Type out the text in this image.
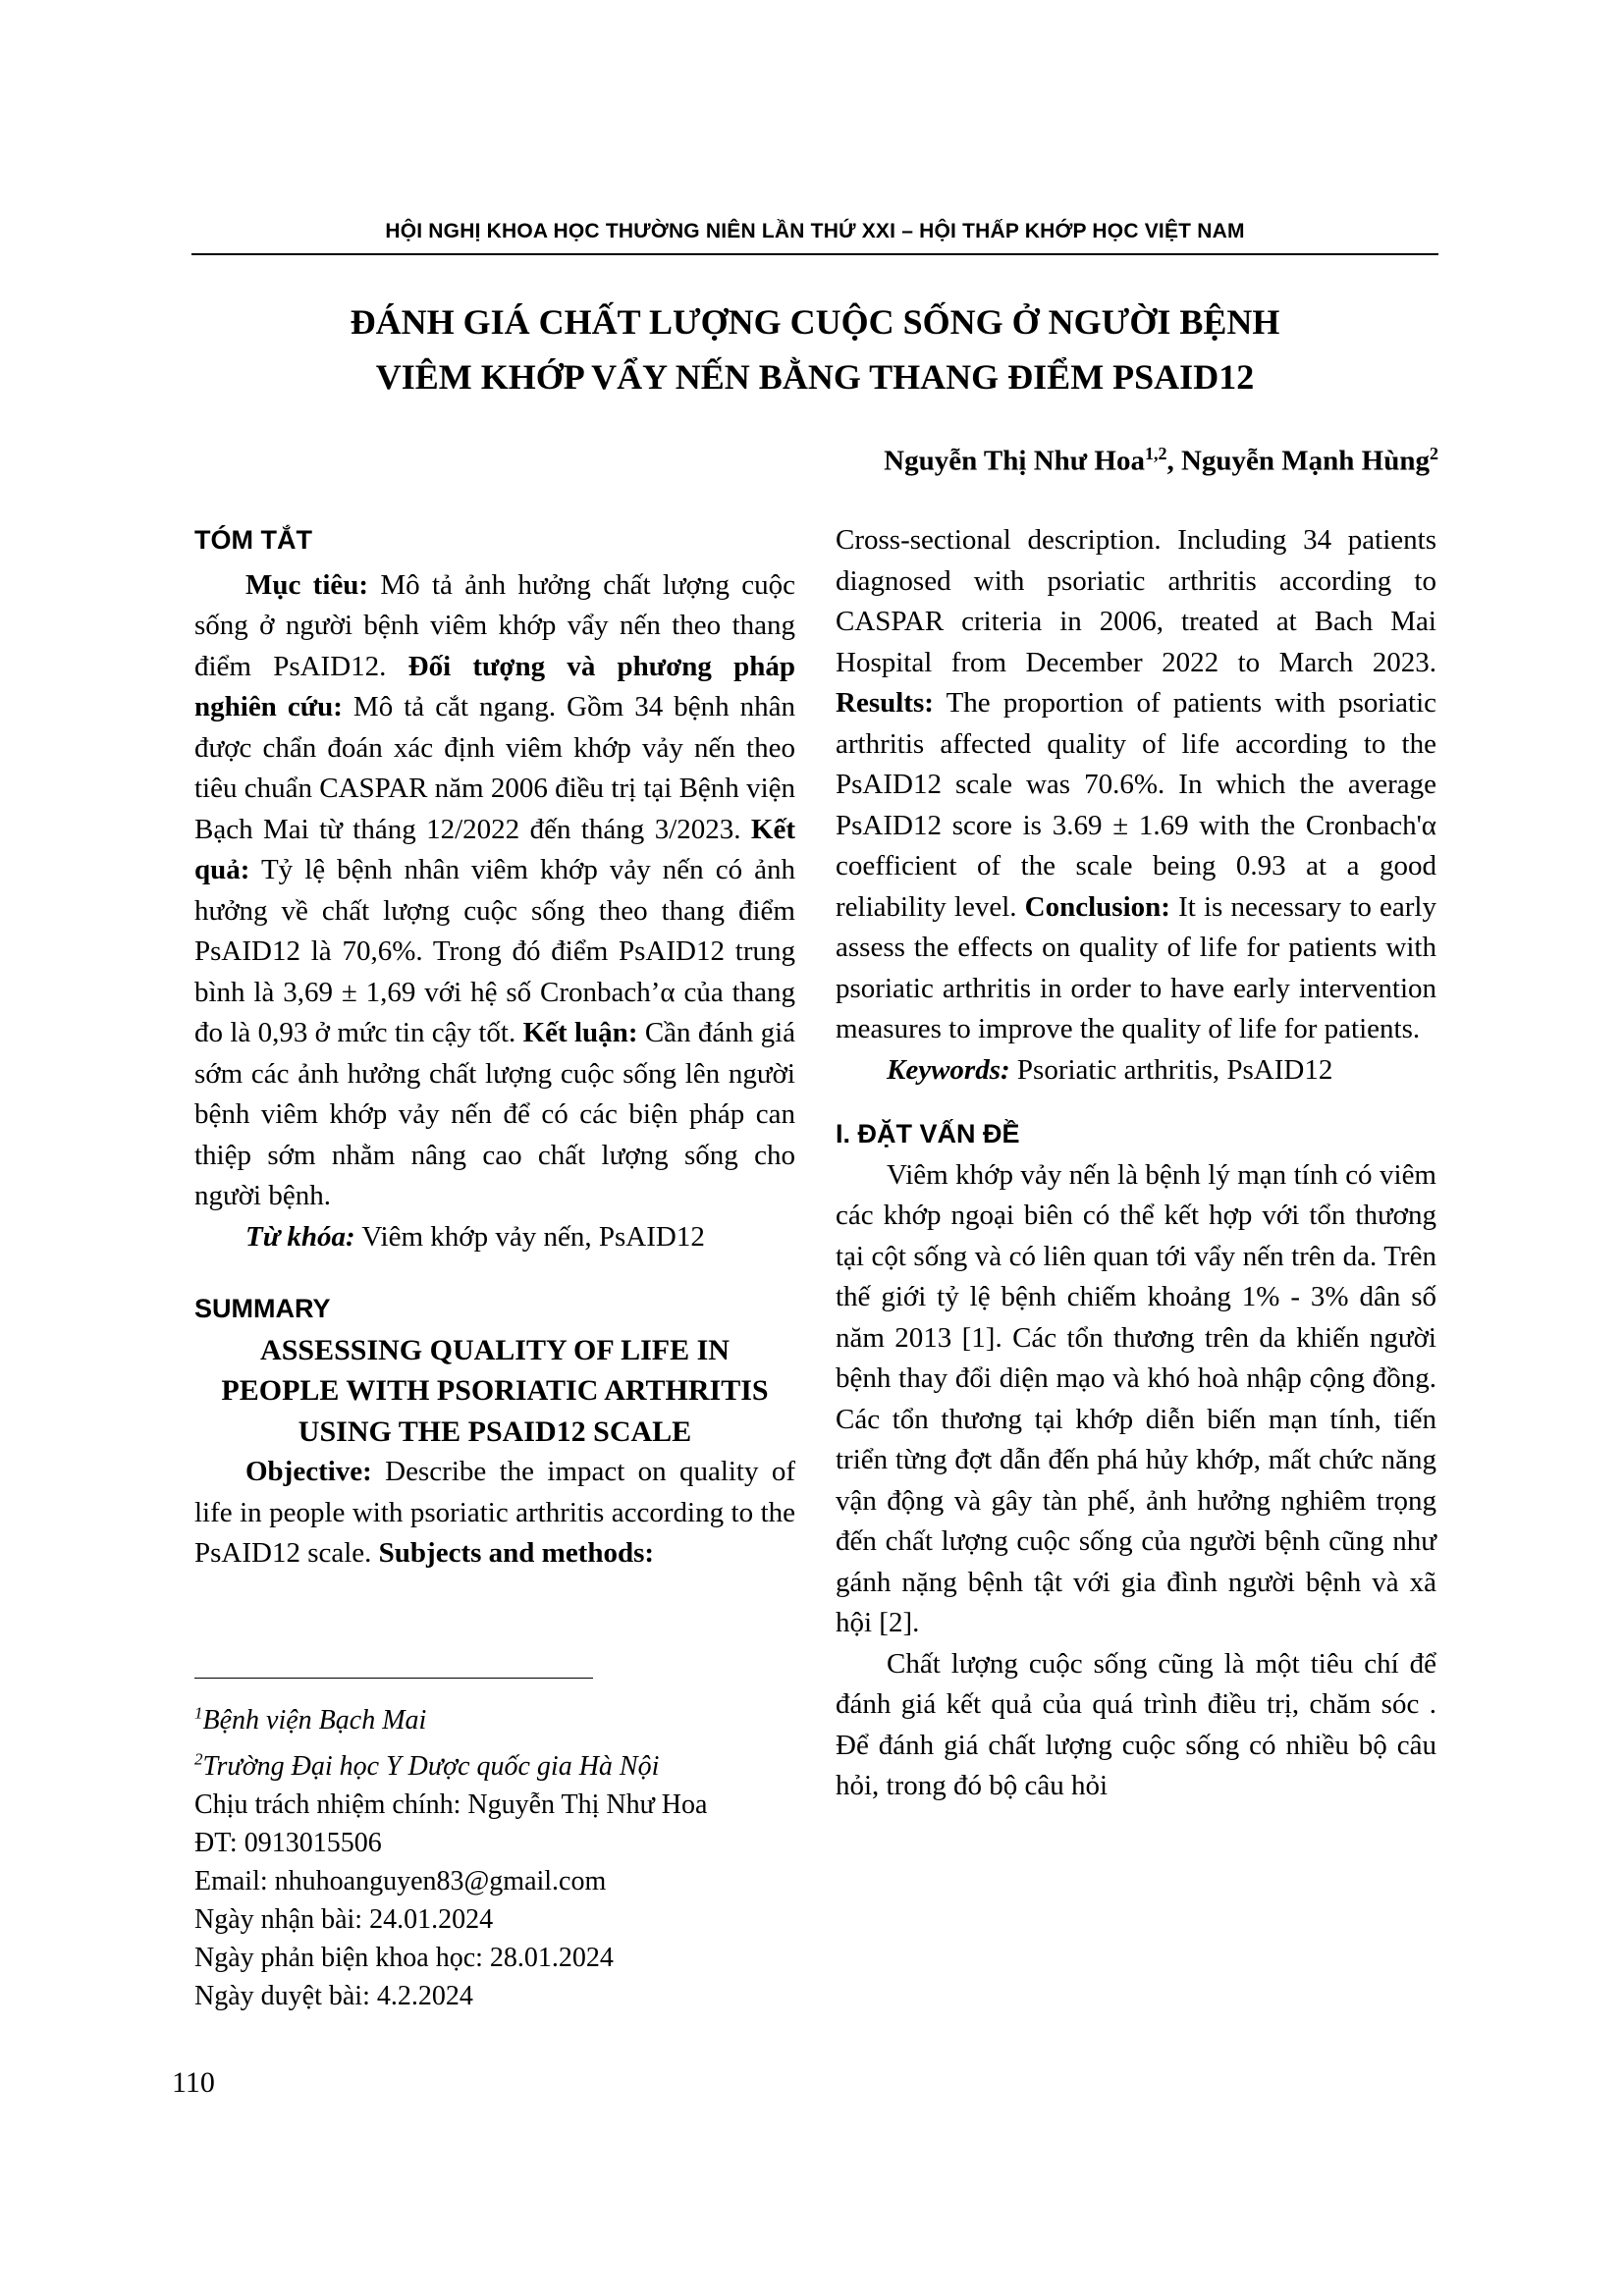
HỘI NGHỊ KHOA HỌC THƯỜNG NIÊN LẦN THỨ XXI – HỘI THẤP KHỚP HỌC VIỆT NAM
ĐÁNH GIÁ CHẤT LƯỢNG CUỘC SỐNG Ở NGƯỜI BỆNH
VIÊM KHỚP VẨY NẾN BẰNG THANG ĐIỂM PSAID12
Nguyễn Thị Như Hoa$^{1,2}$, Nguyễn Mạnh Hùng$^2$

TÓM TẮT

Mục tiêu: Mô tả ảnh hưởng chất lượng cuộc sống ở người bệnh viêm khớp vẩy nến theo thang điểm PsAID12. Đối tượng và phương pháp nghiên cứu: Mô tả cắt ngang. Gồm 34 bệnh nhân được chẩn đoán xác định viêm khớp vảy nến theo tiêu chuẩn CASPAR năm 2006 điều trị tại Bệnh viện Bạch Mai từ tháng 12/2022 đến tháng 3/2023. Kết quả: Tỷ lệ bệnh nhân viêm khớp vảy nến có ảnh hưởng về chất lượng cuộc sống theo thang điểm PsAID12 là 70,6%. Trong đó điểm PsAID12 trung bình là 3,69 ± 1,69 với hệ số Cronbach’α của thang đo là 0,93 ở mức tin cậy tốt. Kết luận: Cần đánh giá sớm các ảnh hưởng chất lượng cuộc sống lên người bệnh viêm khớp vảy nến để có các biện pháp can thiệp sớm nhằm nâng cao chất lượng sống cho người bệnh.

Từ khóa: Viêm khớp vảy nến, PsAID12

SUMMARY

ASSESSING QUALITY OF LIFE IN PEOPLE WITH PSORIATIC ARTHRITIS USING THE PSAID12 SCALE

Objective: Describe the impact on quality of life in people with psoriatic arthritis according to the PsAID12 scale. Subjects and methods:

$^1$Bệnh viện Bạch Mai

$^2$Trường Đại học Y Dược quốc gia Hà Nội

Chịu trách nhiệm chính: Nguyễn Thị Như Hoa

ĐT: 0913015506

Email: nhuhoanguyen83@gmail.com

Ngày nhận bài: 24.01.2024

Ngày phản biện khoa học: 28.01.2024

Ngày duyệt bài: 4.2.2024

Cross-sectional description. Including 34 patients diagnosed with psoriatic arthritis according to CASPAR criteria in 2006, treated at Bach Mai Hospital from December 2022 to March 2023. Results: The proportion of patients with psoriatic arthritis affected quality of life according to the PsAID12 scale was 70.6%. In which the average PsAID12 score is 3.69 ± 1.69 with the Cronbach'α coefficient of the scale being 0.93 at a good reliability level. Conclusion: It is necessary to early assess the effects on quality of life for patients with psoriatic arthritis in order to have early intervention measures to improve the quality of life for patients.

Keywords: Psoriatic arthritis, PsAID12

I. ĐẶT VẤN ĐỀ

Viêm khớp vảy nến là bệnh lý mạn tính có viêm các khớp ngoại biên có thể kết hợp với tổn thương tại cột sống và có liên quan tới vẩy nến trên da. Trên thế giới tỷ lệ bệnh chiếm khoảng 1% - 3% dân số năm 2013 [1]. Các tổn thương trên da khiến người bệnh thay đổi diện mạo và khó hoà nhập cộng đồng. Các tổn thương tại khớp diễn biến mạn tính, tiến triển từng đợt dẫn đến phá hủy khớp, mất chức năng vận động và gây tàn phế, ảnh hưởng nghiêm trọng đến chất lượng cuộc sống của người bệnh cũng như gánh nặng bệnh tật với gia đình người bệnh và xã hội [2].

Chất lượng cuộc sống cũng là một tiêu chí để đánh giá kết quả của quá trình điều trị, chăm sóc . Để đánh giá chất lượng cuộc sống có nhiều bộ câu hỏi, trong đó bộ câu hỏi

110
